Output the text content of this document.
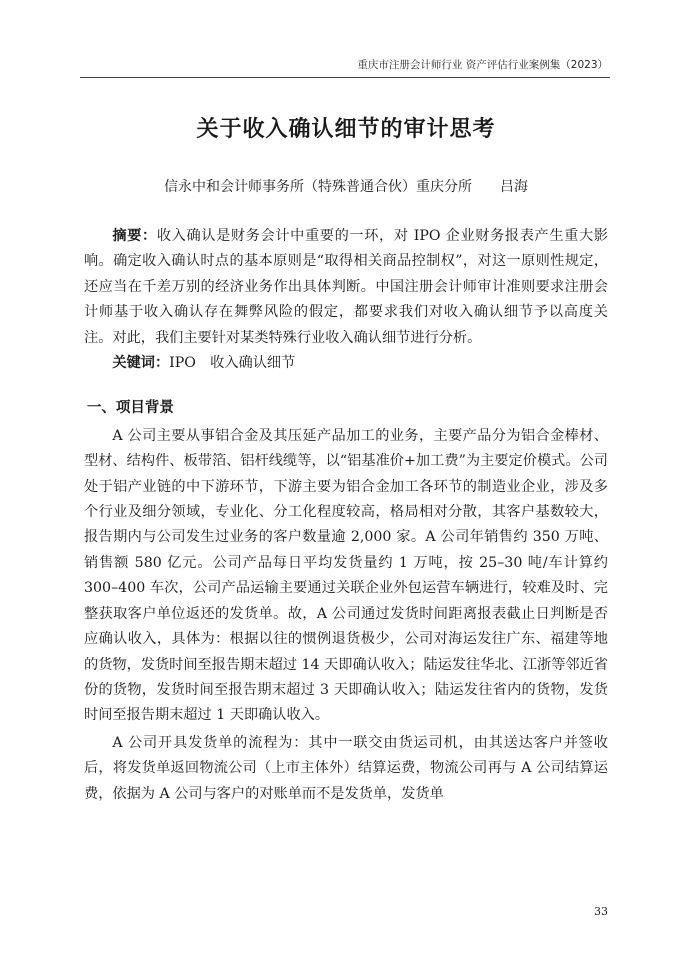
重庆市注册会计师行业 资产评估行业案例集（2023）
关于收入确认细节的审计思考
信永中和会计师事务所（特殊普通合伙）重庆分所 吕海

摘要：收入确认是财务会计中重要的一环，对 IPO 企业财务报表产生重大影响。确定收入确认时点的基本原则是“取得相关商品控制权”，对这一原则性规定，还应当在千差万别的经济业务作出具体判断。中国注册会计师审计准则要求注册会计师基于收入确认存在舞弊风险的假定，都要求我们对收入确认细节予以高度关注。对此，我们主要针对某类特殊行业收入确认细节进行分析。

关键词：IPO　收入确认细节

一、项目背景

A 公司主要从事铝合金及其压延产品加工的业务，主要产品分为铝合金棒材、型材、结构件、板带箔、铝杆线缆等，以“铝基准价+加工费”为主要定价模式。公司处于铝产业链的中下游环节，下游主要为铝合金加工各环节的制造业企业，涉及多个行业及细分领域，专业化、分工化程度较高，格局相对分散，其客户基数较大，报告期内与公司发生过业务的客户数量逾 2,000 家。A 公司年销售约 350 万吨、销售额 580 亿元。公司产品每日平均发货量约 1 万吨，按 25–30 吨/车计算约 300–400 车次，公司产品运输主要通过关联企业外包运营车辆进行，较难及时、完整获取客户单位返还的发货单。故，A 公司通过发货时间距离报表截止日判断是否应确认收入，具体为：根据以往的惯例退货极少，公司对海运发往广东、福建等地的货物，发货时间至报告期末超过 14 天即确认收入；陆运发往华北、江浙等邻近省份的货物，发货时间至报告期末超过 3 天即确认收入；陆运发往省内的货物，发货时间至报告期末超过 1 天即确认收入。

A 公司开具发货单的流程为：其中一联交由货运司机，由其送达客户并签收后，将发货单返回物流公司（上市主体外）结算运费，物流公司再与 A 公司结算运费，依据为 A 公司与客户的对账单而不是发货单，发货单

33
